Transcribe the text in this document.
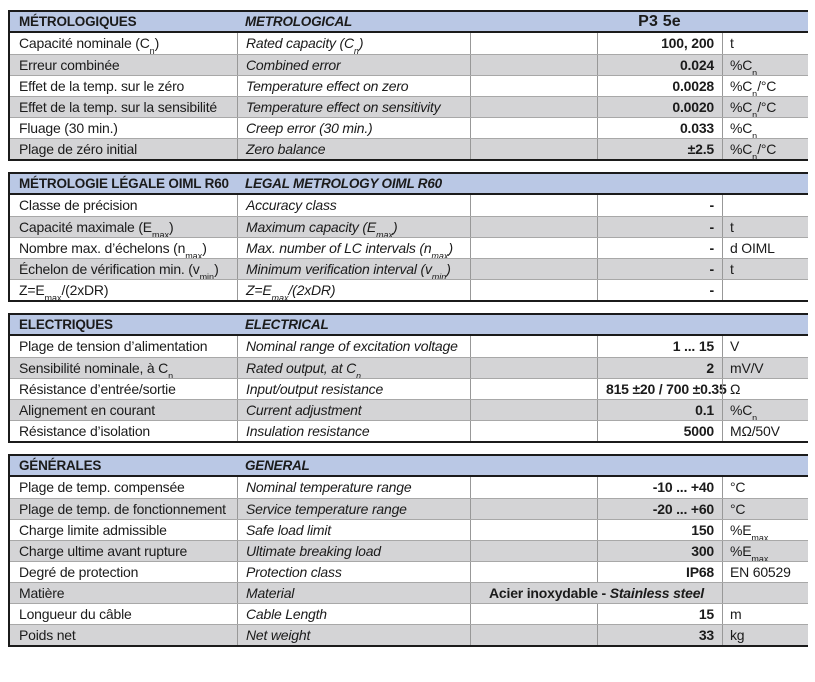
MÉTROLOGIQUES	METROLOGICAL	P3 5e
Capacité nominale $(C_n)$	Rated capacity $(C_n)$	100, 200	t
Erreur combinée	Combined error	0.024	$\%C_n$
Effet de la temp. sur le zéro	Temperature effect on zero	0.0028	$\%C_n/^\circ C$
Effet de la temp. sur la sensibilité	Temperature effect on sensitivity	0.0020	$\%C_n/^\circ C$
Fluage (30 min.)	Creep error (30 min.)	0.033	$\%C_n$
Plage de zéro initial	Zero balance	±2.5	$\%C_n/^\circ C$
MÉTROLOGIE LÉGALE OIML R60	LEGAL METROLOGY OIML R60
Classe de précision	Accuracy class	-
Capacité maximale $(E_{max})$	Maximum capacity $(E_{max})$	-	t
Nombre max. d’échelons $(n_{max})$	Max. number of LC intervals $(n_{max})$	-	d OIML
Échelon de vérification min. $(v_{min})$	Minimum verification interval $(v_{min})$	-	t
$Z=E_{max}/(2xDR)$	$Z=E_{max}/(2xDR)$	-
ELECTRIQUES	ELECTRICAL
Plage de tension d’alimentation	Nominal range of excitation voltage	1 ... 15	V
Sensibilité nominale, à $C_n$	Rated output, at $C_n$	2	mV/V
Résistance d’entrée/sortie	Input/output resistance	815 ±20 / 700 ±0.35 Ω
Alignement en courant	Current adjustment	0.1	$\%C_n$
Résistance d’isolation	Insulation resistance	5000	MΩ/50V
GÉNÉRALES	GENERAL
Plage de temp. compensée	Nominal temperature range	-10 ... +40	°C
Plage de temp. de fonctionnement	Service temperature range	-20 ... +60	°C
Charge limite admissible	Safe load limit	150	$\%E_{max}$
Charge ultime avant rupture	Ultimate breaking load	300	$\%E_{max}$
Degré de protection	Protection class	IP68	EN 60529
Matière	Material	Acier inoxydable - Stainless steel
Longueur du câble	Cable Length	15	m
Poids net	Net weight	33	kg
